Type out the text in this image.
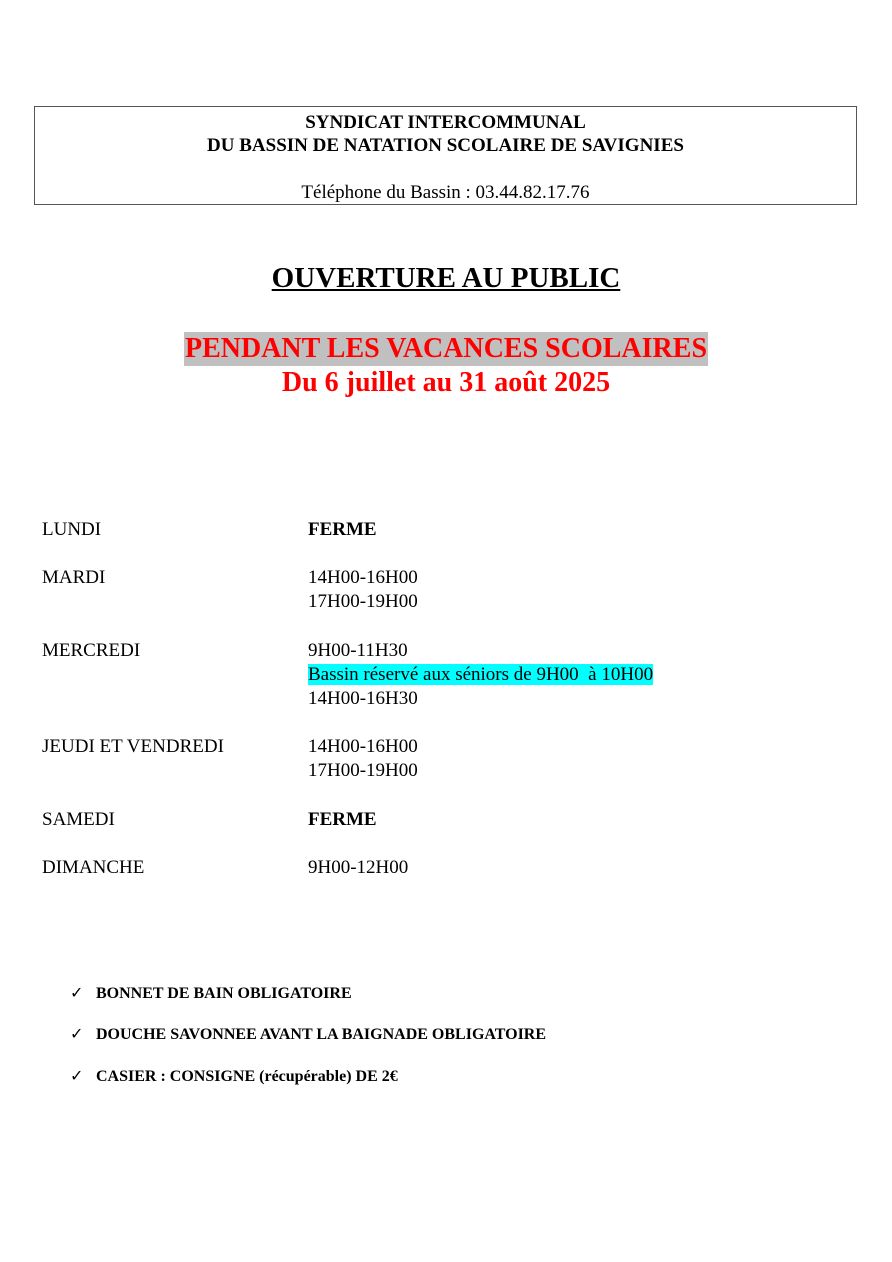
SYNDICAT INTERCOMMUNAL
DU BASSIN DE NATATION SCOLAIRE DE SAVIGNIES
Téléphone du Bassin : 03.44.82.17.76
OUVERTURE AU PUBLIC
PENDANT LES VACANCES SCOLAIRES
Du 6 juillet au 31 août 2025
LUNDI	FERME
MARDI	14H00-16H00
17H00-19H00
MERCREDI	9H00-11H30
Bassin réservé aux séniors de 9H00  à 10H00
14H00-16H30
JEUDI ET VENDREDI	14H00-16H00
17H00-19H00
SAMEDI	FERME
DIMANCHE	9H00-12H00
✓ BONNET DE BAIN OBLIGATOIRE
✓ DOUCHE SAVONNEE AVANT LA BAIGNADE OBLIGATOIRE
✓ CASIER : CONSIGNE (récupérable) DE 2€
